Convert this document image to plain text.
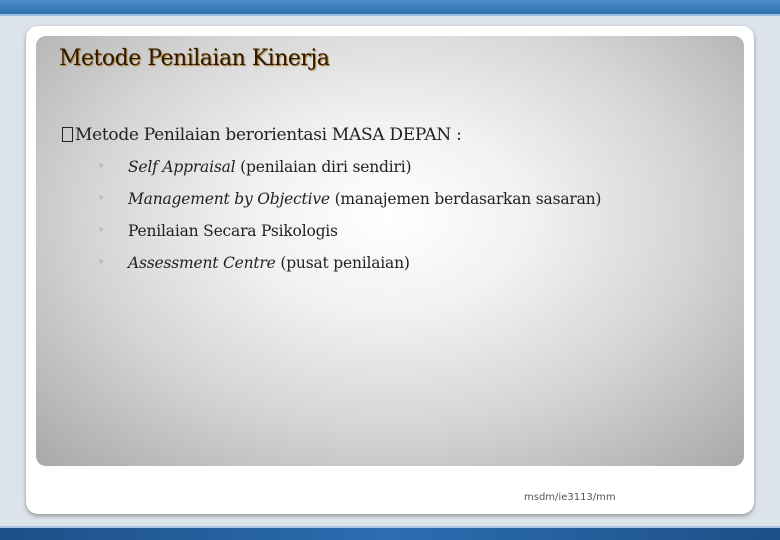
Metode Penilaian Kinerja
Metode Penilaian berorientasi MASA DEPAN :
◦ Self Appraisal (penilaian diri sendiri)
◦ Management by Objective (manajemen berdasarkan sasaran)
◦ Penilaian Secara Psikologis
◦ Assessment Centre (pusat penilaian)
msdm/ie3113/mm
